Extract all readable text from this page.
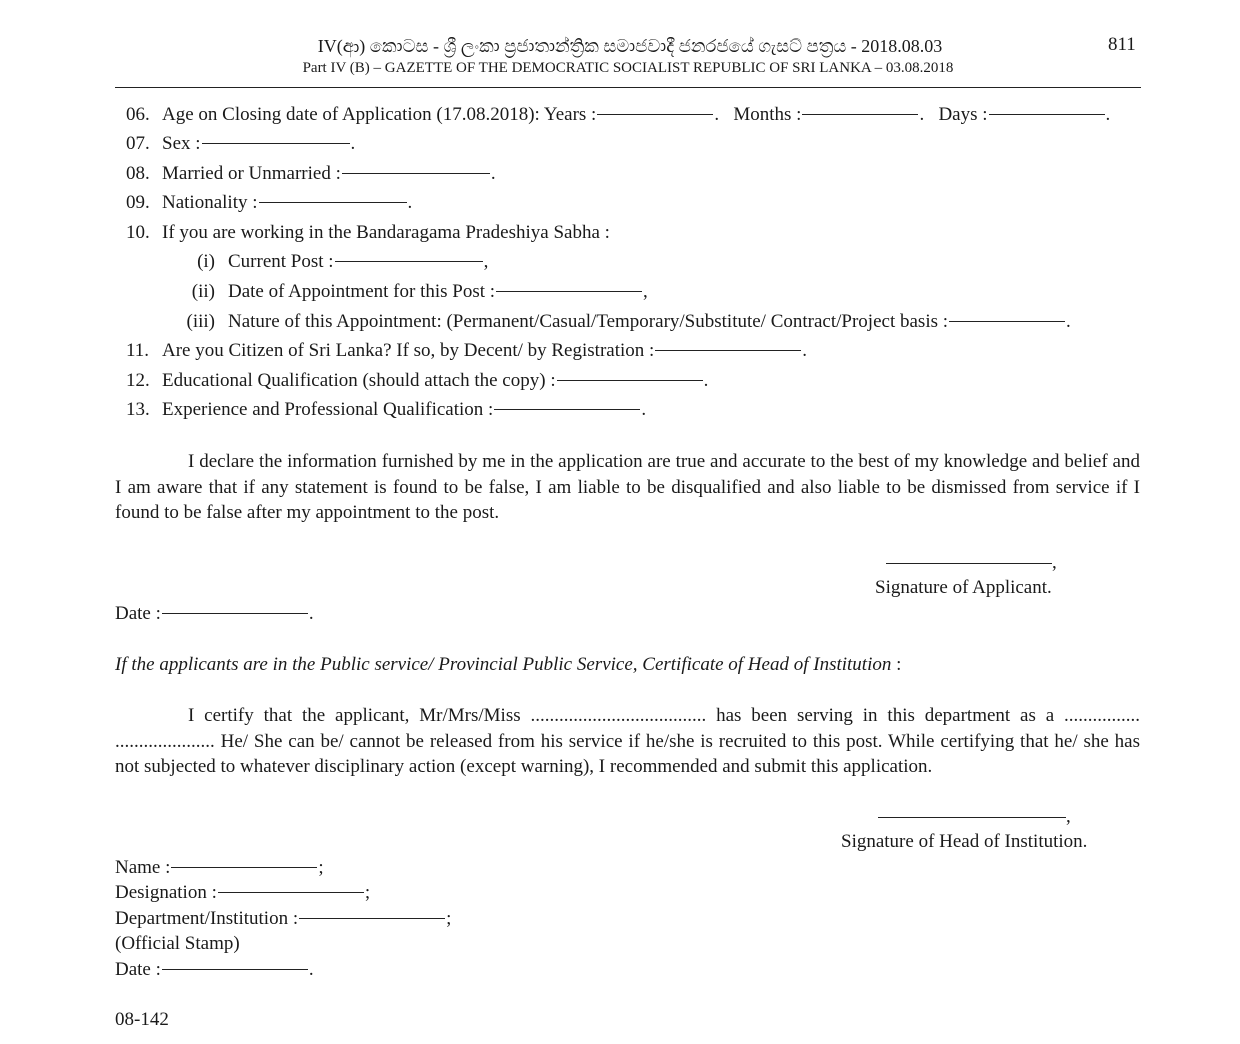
IV(ආ) කොටස - ශ්‍රී ලංකා ප්‍රජාතාන්ත්‍රික සමාජවාදී ජනරජයේ ගැසට් පත්‍රය - 2018.08.03
Part IV (B) – GAZETTE OF THE DEMOCRATIC SOCIALIST REPUBLIC OF SRI LANKA – 03.08.2018
811
06. Age on Closing date of Application (17.08.2018): Years :	.   Months :	.   Days :	.
07. Sex :	.
08. Married or Unmarried :	.
09. Nationality :	.
10. If you are working in the Bandaragama Pradeshiya Sabha :
(i) Current Post :	,
(ii) Date of Appointment for this Post :	,
(iii) Nature of this Appointment: (Permanent/Casual/Temporary/Substitute/ Contract/Project basis :	.
11. Are you Citizen of Sri Lanka? If so, by Decent/ by Registration :	.
12. Educational Qualification (should attach the copy) :	.
13. Experience and Professional Qualification :	.
I declare the information furnished by me in the application are true and accurate to the best of my knowledge and belief and I am aware that if any statement is found to be false, I am liable to be disqualified and also liable to be dismissed from service if I found to be false after my appointment to the post.
,
Signature of Applicant.
Date :	.
If the applicants are in the Public service/ Provincial Public Service, Certificate of Head of Institution :
I certify that the applicant, Mr/Mrs/Miss ..................................... has been serving in this department as a ................ ..................... He/ She can be/ cannot be released from his service if he/she is recruited to this post. While certifying that he/ she has not subjected to whatever disciplinary action (except warning), I recommended and submit this application.
,
Signature of Head of Institution.
Name :	;
Designation :	;
Department/Institution :	;
(Official Stamp)
Date :	.
08-142
